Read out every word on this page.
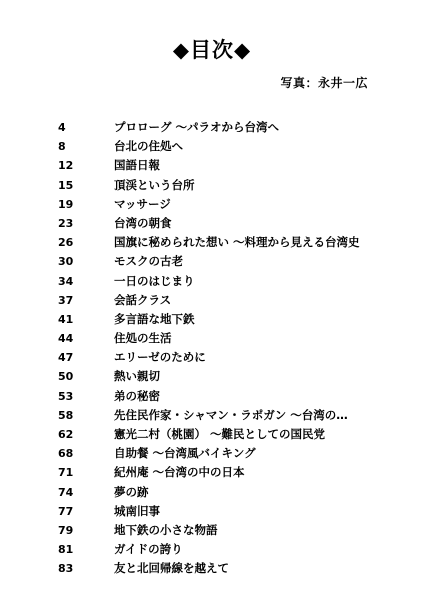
◆目次◆
写真：永井一広
4	プロローグ ～パラオから台湾へ
8	台北の住処へ
12	国語日報
15	頂渓という台所
19	マッサージ
23	台湾の朝食
26	国旗に秘められた想い ～料理から見える台湾史
30	モスクの古老
34	一日のはじまり
37	会話クラス
41	多言語な地下鉄
44	住処の生活
47	エリーゼのために
50	熱い親切
53	弟の秘密
58	先住民作家・シャマン・ラポガン ～台湾の…
62	憲光二村（桃園） ～難民としての国民党
68	自助餐 ～台湾風バイキング
71	紀州庵 ～台湾の中の日本
74	夢の跡
77	城南旧事
79	地下鉄の小さな物語
81	ガイドの誇り
83	友と北回帰線を越えて
